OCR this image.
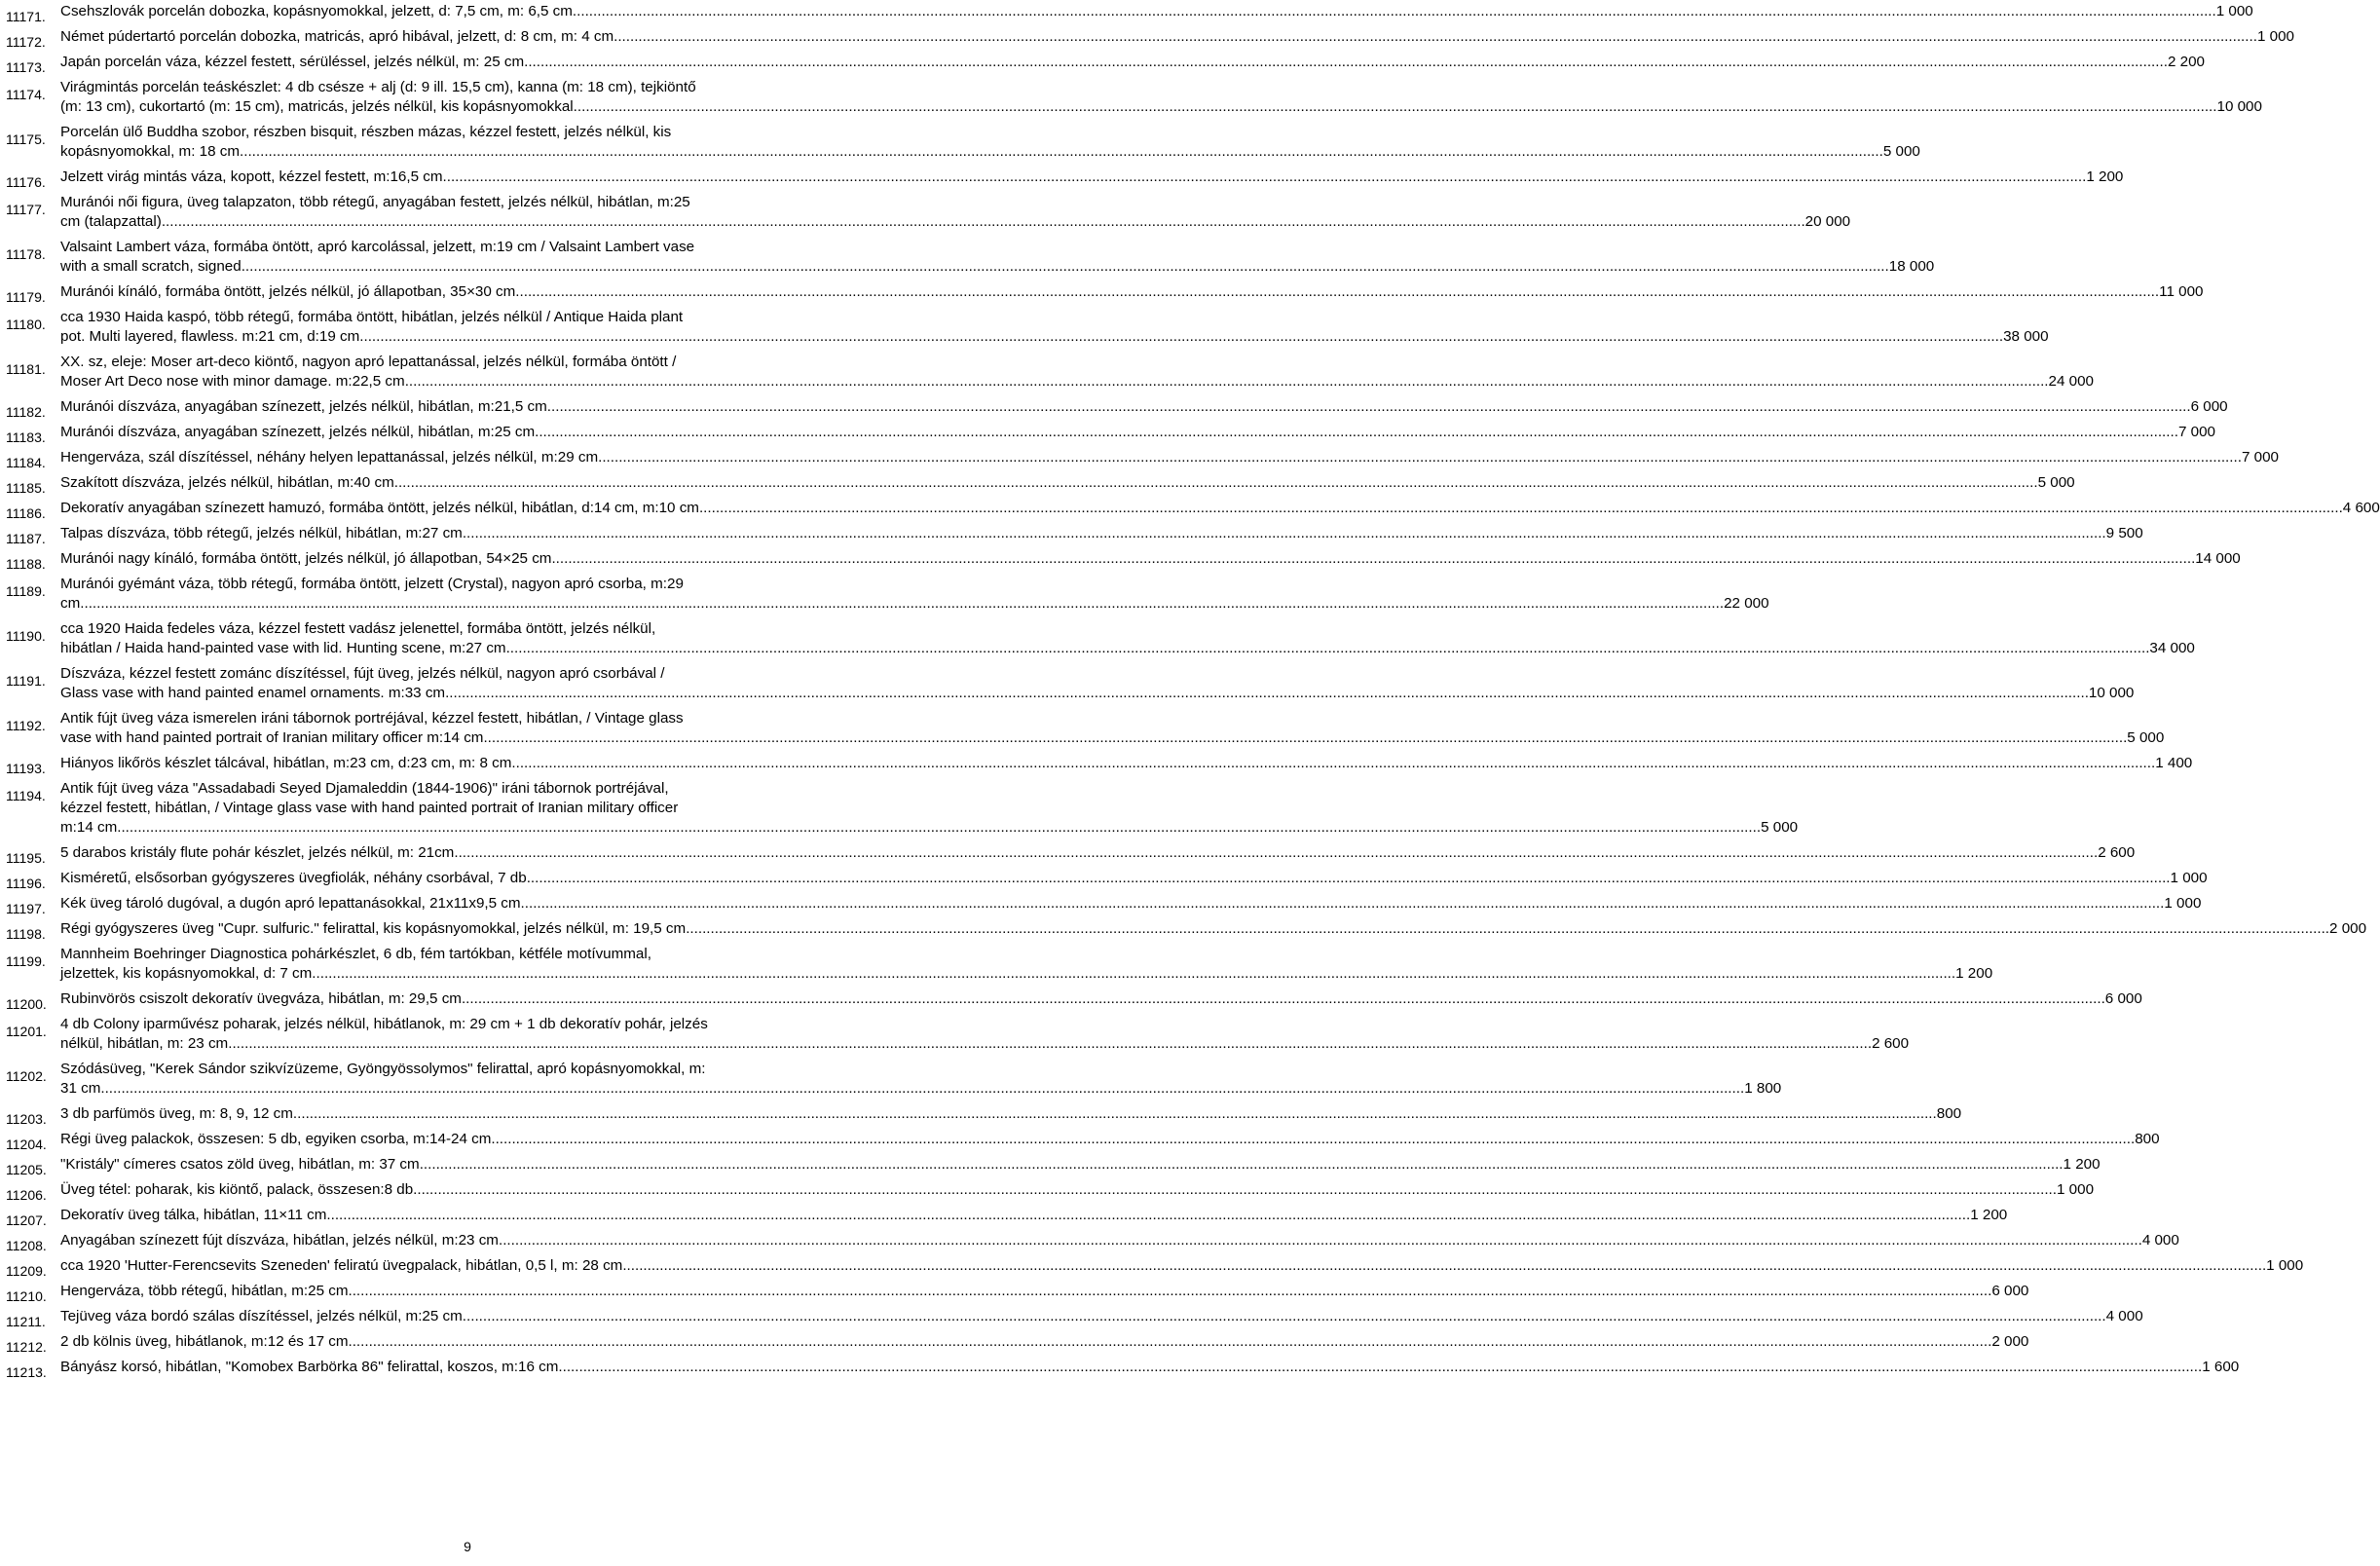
11171. Csehszlovák porcelán dobozka, kopásnyomokkal, jelzett, d: 7,5 cm, m: 6,5 cm ................................................................................................................................................................................................................................................................................................................................................................................................................ 1 000
11172. Német púdertartó porcelán dobozka, matricás, apró hibával, jelzett, d: 8 cm, m: 4 cm ................................................................................................................................................................................................................................................................................................................................................................................................................ 1 000
11173. Japán porcelán váza, kézzel festett, sérüléssel, jelzés nélkül, m: 25 cm ................................................................................................................................................................................................................................................................................................................................................................................................................ 2 200
11174. Virágmintás porcelán teáskészlet: 4 db csésze + alj (d: 9 ill. 15,5 cm), kanna (m: 18 cm), tejkiöntő
(m: 13 cm), cukortartó (m: 15 cm), matricás, jelzés nélkül, kis kopásnyomokkal ................................................................................................................................................................................................................................................................................................................................................................................................................ 10 000
11175. Porcelán ülő Buddha szobor, részben bisquit, részben mázas, kézzel festett, jelzés nélkül, kis
kopásnyomokkal, m: 18 cm ................................................................................................................................................................................................................................................................................................................................................................................................................ 5 000
11176. Jelzett virág mintás váza, kopott, kézzel festett, m:16,5 cm ................................................................................................................................................................................................................................................................................................................................................................................................................ 1 200
11177. Muránói női figura, üveg talapzaton, több rétegű, anyagában festett, jelzés nélkül, hibátlan, m:25
cm (talapzattal) ................................................................................................................................................................................................................................................................................................................................................................................................................ 20 000
11178. Valsaint Lambert váza, formába öntött, apró karcolással, jelzett, m:19 cm / Valsaint Lambert vase
with a small scratch, signed. ................................................................................................................................................................................................................................................................................................................................................................................................................ 18 000
11179. Muránói kínáló, formába öntött, jelzés nélkül, jó állapotban, 35×30 cm ................................................................................................................................................................................................................................................................................................................................................................................................................ 11 000
11180. cca 1930 Haida kaspó, több rétegű, formába öntött, hibátlan, jelzés nélkül / Antique Haida plant
pot. Multi layered, flawless. m:21 cm, d:19 cm ................................................................................................................................................................................................................................................................................................................................................................................................................ 38 000
11181. XX. sz, eleje: Moser art-deco kiöntő, nagyon apró lepattanással, jelzés nélkül, formába öntött /
Moser Art Deco nose with minor damage. m:22,5 cm ................................................................................................................................................................................................................................................................................................................................................................................................................ 24 000
11182. Muránói díszváza, anyagában színezett, jelzés nélkül, hibátlan, m:21,5 cm ................................................................................................................................................................................................................................................................................................................................................................................................................ 6 000
11183. Muránói díszváza, anyagában színezett, jelzés nélkül, hibátlan, m:25 cm ................................................................................................................................................................................................................................................................................................................................................................................................................ 7 000
11184. Hengerváza, szál díszítéssel, néhány helyen lepattanással, jelzés nélkül, m:29 cm ................................................................................................................................................................................................................................................................................................................................................................................................................ 7 000
11185. Szakított díszváza, jelzés nélkül, hibátlan, m:40 cm ................................................................................................................................................................................................................................................................................................................................................................................................................ 5 000
11186. Dekoratív anyagában színezett hamuzó, formába öntött, jelzés nélkül, hibátlan, d:14 cm, m:10 cm ................................................................................................................................................................................................................................................................................................................................................................................................................ 4 600
11187. Talpas díszváza, több rétegű, jelzés nélkül, hibátlan, m:27 cm ................................................................................................................................................................................................................................................................................................................................................................................................................ 9 500
11188. Muránói nagy kínáló, formába öntött, jelzés nélkül, jó állapotban, 54×25 cm ................................................................................................................................................................................................................................................................................................................................................................................................................ 14 000
11189. Muránói gyémánt váza, több rétegű, formába öntött, jelzett (Crystal), nagyon apró csorba, m:29
cm ................................................................................................................................................................................................................................................................................................................................................................................................................ 22 000
11190. cca 1920 Haida fedeles váza, kézzel festett vadász jelenettel, formába öntött, jelzés nélkül,
hibátlan / Haida hand-painted vase with lid. Hunting scene, m:27 cm ................................................................................................................................................................................................................................................................................................................................................................................................................ 34 000
11191. Díszváza, kézzel festett zománc díszítéssel, fújt üveg, jelzés nélkül, nagyon apró csorbával /
Glass vase with hand painted enamel ornaments. m:33 cm ................................................................................................................................................................................................................................................................................................................................................................................................................ 10 000
11192. Antik fújt üveg váza ismerelen iráni tábornok portréjával, kézzel festett, hibátlan, / Vintage glass
vase with hand painted portrait of Iranian military officer m:14 cm ................................................................................................................................................................................................................................................................................................................................................................................................................ 5 000
11193. Hiányos likőrös készlet tálcával, hibátlan, m:23 cm, d:23 cm, m: 8 cm ................................................................................................................................................................................................................................................................................................................................................................................................................ 1 400
11194. Antik fújt üveg váza "Assadabadi Seyed Djamaleddin (1844-1906)" iráni tábornok portréjával,
kézzel festett, hibátlan, / Vintage glass vase with hand painted portrait of Iranian military officer
m:14 cm ................................................................................................................................................................................................................................................................................................................................................................................................................ 5 000
11195. 5 darabos kristály flute pohár készlet, jelzés nélkül, m: 21cm ................................................................................................................................................................................................................................................................................................................................................................................................................ 2 600
11196. Kisméretű, elsősorban gyógyszeres üvegfiolák, néhány csorbával, 7 db ................................................................................................................................................................................................................................................................................................................................................................................................................ 1 000
11197. Kék üveg tároló dugóval, a dugón apró lepattanásokkal, 21x11x9,5 cm ................................................................................................................................................................................................................................................................................................................................................................................................................ 1 000
11198. Régi gyógyszeres üveg "Cupr. sulfuric." felirattal, kis kopásnyomokkal, jelzés nélkül, m: 19,5 cm ................................................................................................................................................................................................................................................................................................................................................................................................................ 2 000
11199. Mannheim Boehringer Diagnostica pohárkészlet, 6 db, fém tartókban, kétféle motívummal,
jelzettek, kis kopásnyomokkal, d: 7 cm ................................................................................................................................................................................................................................................................................................................................................................................................................ 1 200
11200. Rubinvörös csiszolt dekoratív üvegváza, hibátlan, m: 29,5 cm ................................................................................................................................................................................................................................................................................................................................................................................................................ 6 000
11201. 4 db Colony iparművész poharak, jelzés nélkül, hibátlanok, m: 29 cm + 1 db dekoratív pohár, jelzés
nélkül, hibátlan, m: 23 cm ................................................................................................................................................................................................................................................................................................................................................................................................................ 2 600
11202. Szódásüveg, "Kerek Sándor szikvízüzeme, Gyöngyössolymos" felirattal, apró kopásnyomokkal, m:
31 cm ................................................................................................................................................................................................................................................................................................................................................................................................................ 1 800
11203. 3 db parfümös üveg, m: 8, 9, 12 cm ................................................................................................................................................................................................................................................................................................................................................................................................................ 800
11204. Régi üveg palackok, összesen: 5 db, egyiken csorba, m:14-24 cm ................................................................................................................................................................................................................................................................................................................................................................................................................ 800
11205. "Kristály" címeres csatos zöld üveg, hibátlan, m: 37 cm ................................................................................................................................................................................................................................................................................................................................................................................................................ 1 200
11206. Üveg tétel: poharak, kis kiöntő, palack, összesen:8 db ................................................................................................................................................................................................................................................................................................................................................................................................................ 1 000
11207. Dekoratív üveg tálka, hibátlan, 11×11 cm ................................................................................................................................................................................................................................................................................................................................................................................................................ 1 200
11208. Anyagában színezett fújt díszváza, hibátlan, jelzés nélkül, m:23 cm ................................................................................................................................................................................................................................................................................................................................................................................................................ 4 000
11209. cca 1920 'Hutter-Ferencsevits Szeneden' feliratú üvegpalack, hibátlan, 0,5 l, m: 28 cm ................................................................................................................................................................................................................................................................................................................................................................................................................ 1 000
11210. Hengerváza, több rétegű, hibátlan, m:25 cm ................................................................................................................................................................................................................................................................................................................................................................................................................ 6 000
11211. Tejüveg váza bordó szálas díszítéssel, jelzés nélkül, m:25 cm ................................................................................................................................................................................................................................................................................................................................................................................................................ 4 000
11212. 2 db kölnis üveg, hibátlanok, m:12 és 17 cm ................................................................................................................................................................................................................................................................................................................................................................................................................ 2 000
11213. Bányász korsó, hibátlan, "Komobex Barbörka 86" felirattal, koszos, m:16 cm ................................................................................................................................................................................................................................................................................................................................................................................................................ 1 600
9
